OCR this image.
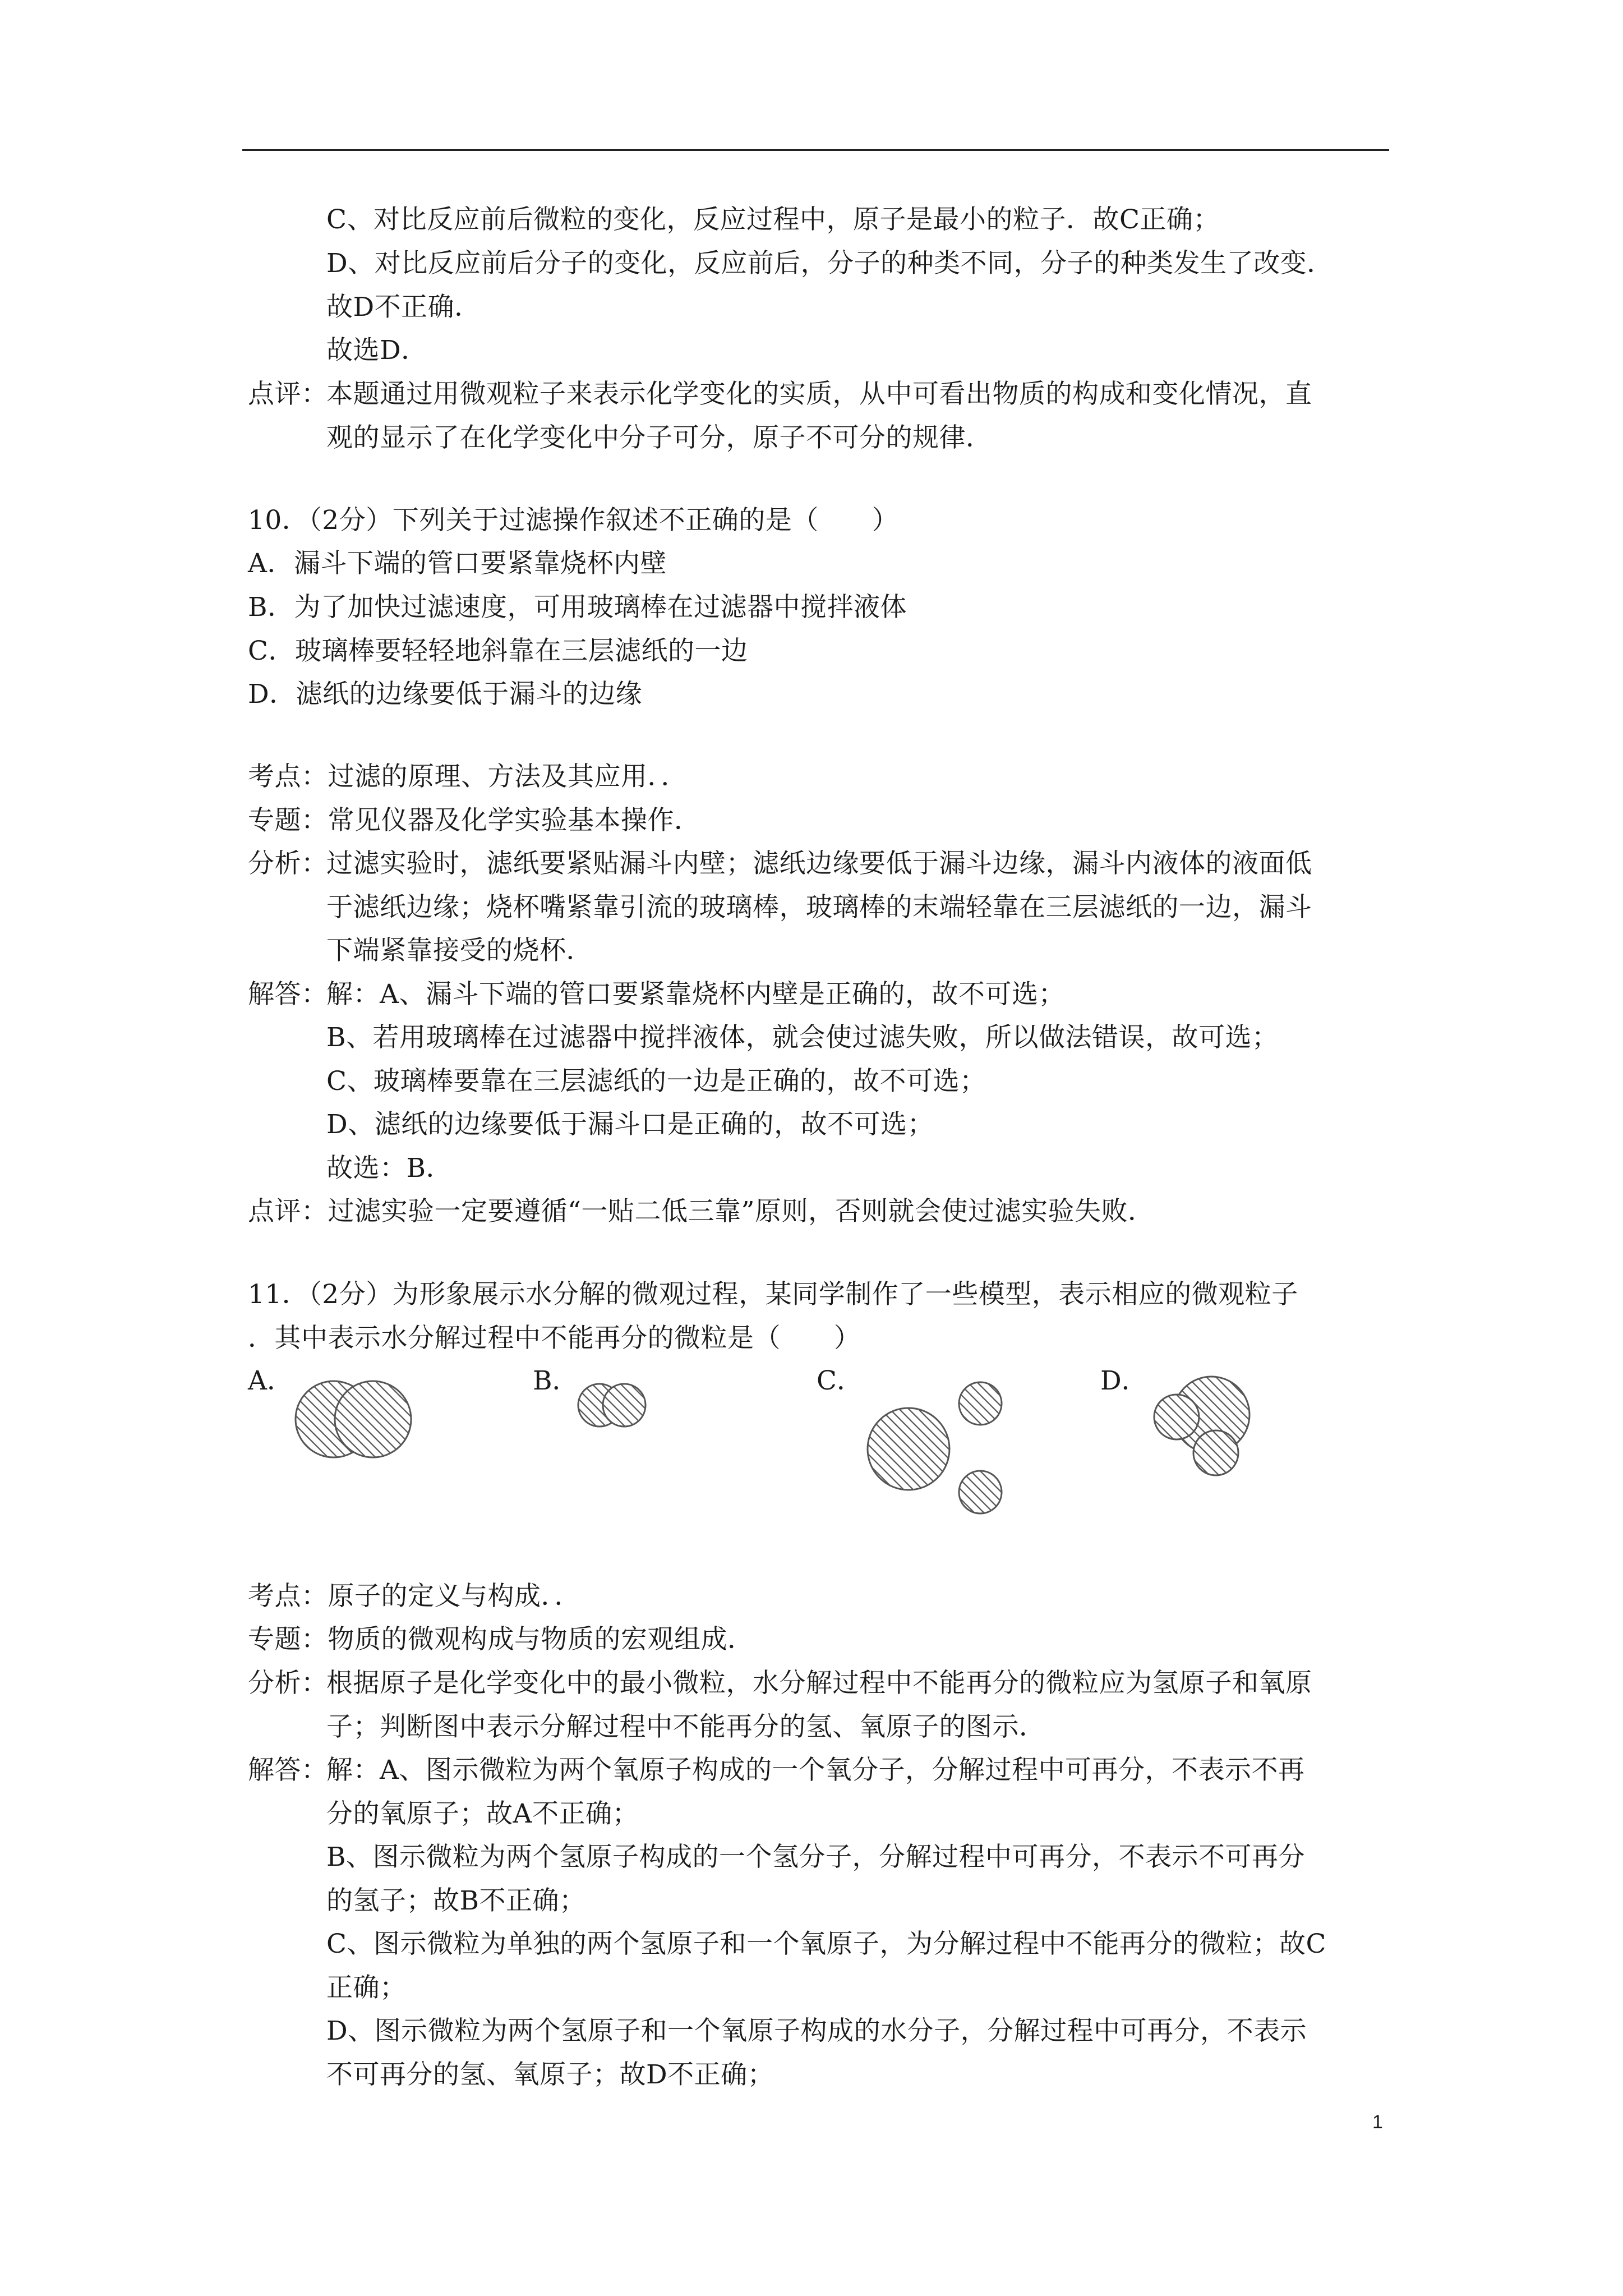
C、对比反应前后微粒的变化，反应过程中，原子是最小的粒子．故C正确；
D、对比反应前后分子的变化，反应前后，分子的种类不同，分子的种类发生了改变．
故D不正确．
故选D．
点评：
本题通过用微观粒子来表示化学变化的实质，从中可看出物质的构成和变化情况，直
观的显示了在化学变化中分子可分，原子不可分的规律．
10．（2分）下列关于过滤操作叙述不正确的是（　　）
A．漏斗下端的管口要紧靠烧杯内壁
B．为了加快过滤速度，可用玻璃棒在过滤器中搅拌液体
C．玻璃棒要轻轻地斜靠在三层滤纸的一边
D．滤纸的边缘要低于漏斗的边缘
考点：过滤的原理、方法及其应用．．
专题：常见仪器及化学实验基本操作．
分析：
过滤实验时，滤纸要紧贴漏斗内壁；滤纸边缘要低于漏斗边缘，漏斗内液体的液面低
于滤纸边缘；烧杯嘴紧靠引流的玻璃棒，玻璃棒的末端轻靠在三层滤纸的一边，漏斗
下端紧靠接受的烧杯．
解答：
解：A、漏斗下端的管口要紧靠烧杯内壁是正确的，故不可选；
B、若用玻璃棒在过滤器中搅拌液体，就会使过滤失败，所以做法错误，故可选；
C、玻璃棒要靠在三层滤纸的一边是正确的，故不可选；
D、滤纸的边缘要低于漏斗口是正确的，故不可选；
故选：B．
点评：过滤实验一定要遵循“一贴二低三靠”原则，否则就会使过滤实验失败．
11．（2分）为形象展示水分解的微观过程，某同学制作了一些模型，表示相应的微观粒子
．其中表示水分解过程中不能再分的微粒是（　　）
A．	B．	C．	D．
考点：原子的定义与构成．．
专题：物质的微观构成与物质的宏观组成．
分析：
根据原子是化学变化中的最小微粒，水分解过程中不能再分的微粒应为氢原子和氧原
子；判断图中表示分解过程中不能再分的氢、氧原子的图示．
解答：
解：A、图示微粒为两个氧原子构成的一个氧分子，分解过程中可再分，不表示不再
分的氧原子；故A不正确；
B、图示微粒为两个氢原子构成的一个氢分子，分解过程中可再分，不表示不可再分
的氢子；故B不正确；
C、图示微粒为单独的两个氢原子和一个氧原子，为分解过程中不能再分的微粒；故C
正确；
D、图示微粒为两个氢原子和一个氧原子构成的水分子，分解过程中可再分，不表示
不可再分的氢、氧原子；故D不正确；
1
